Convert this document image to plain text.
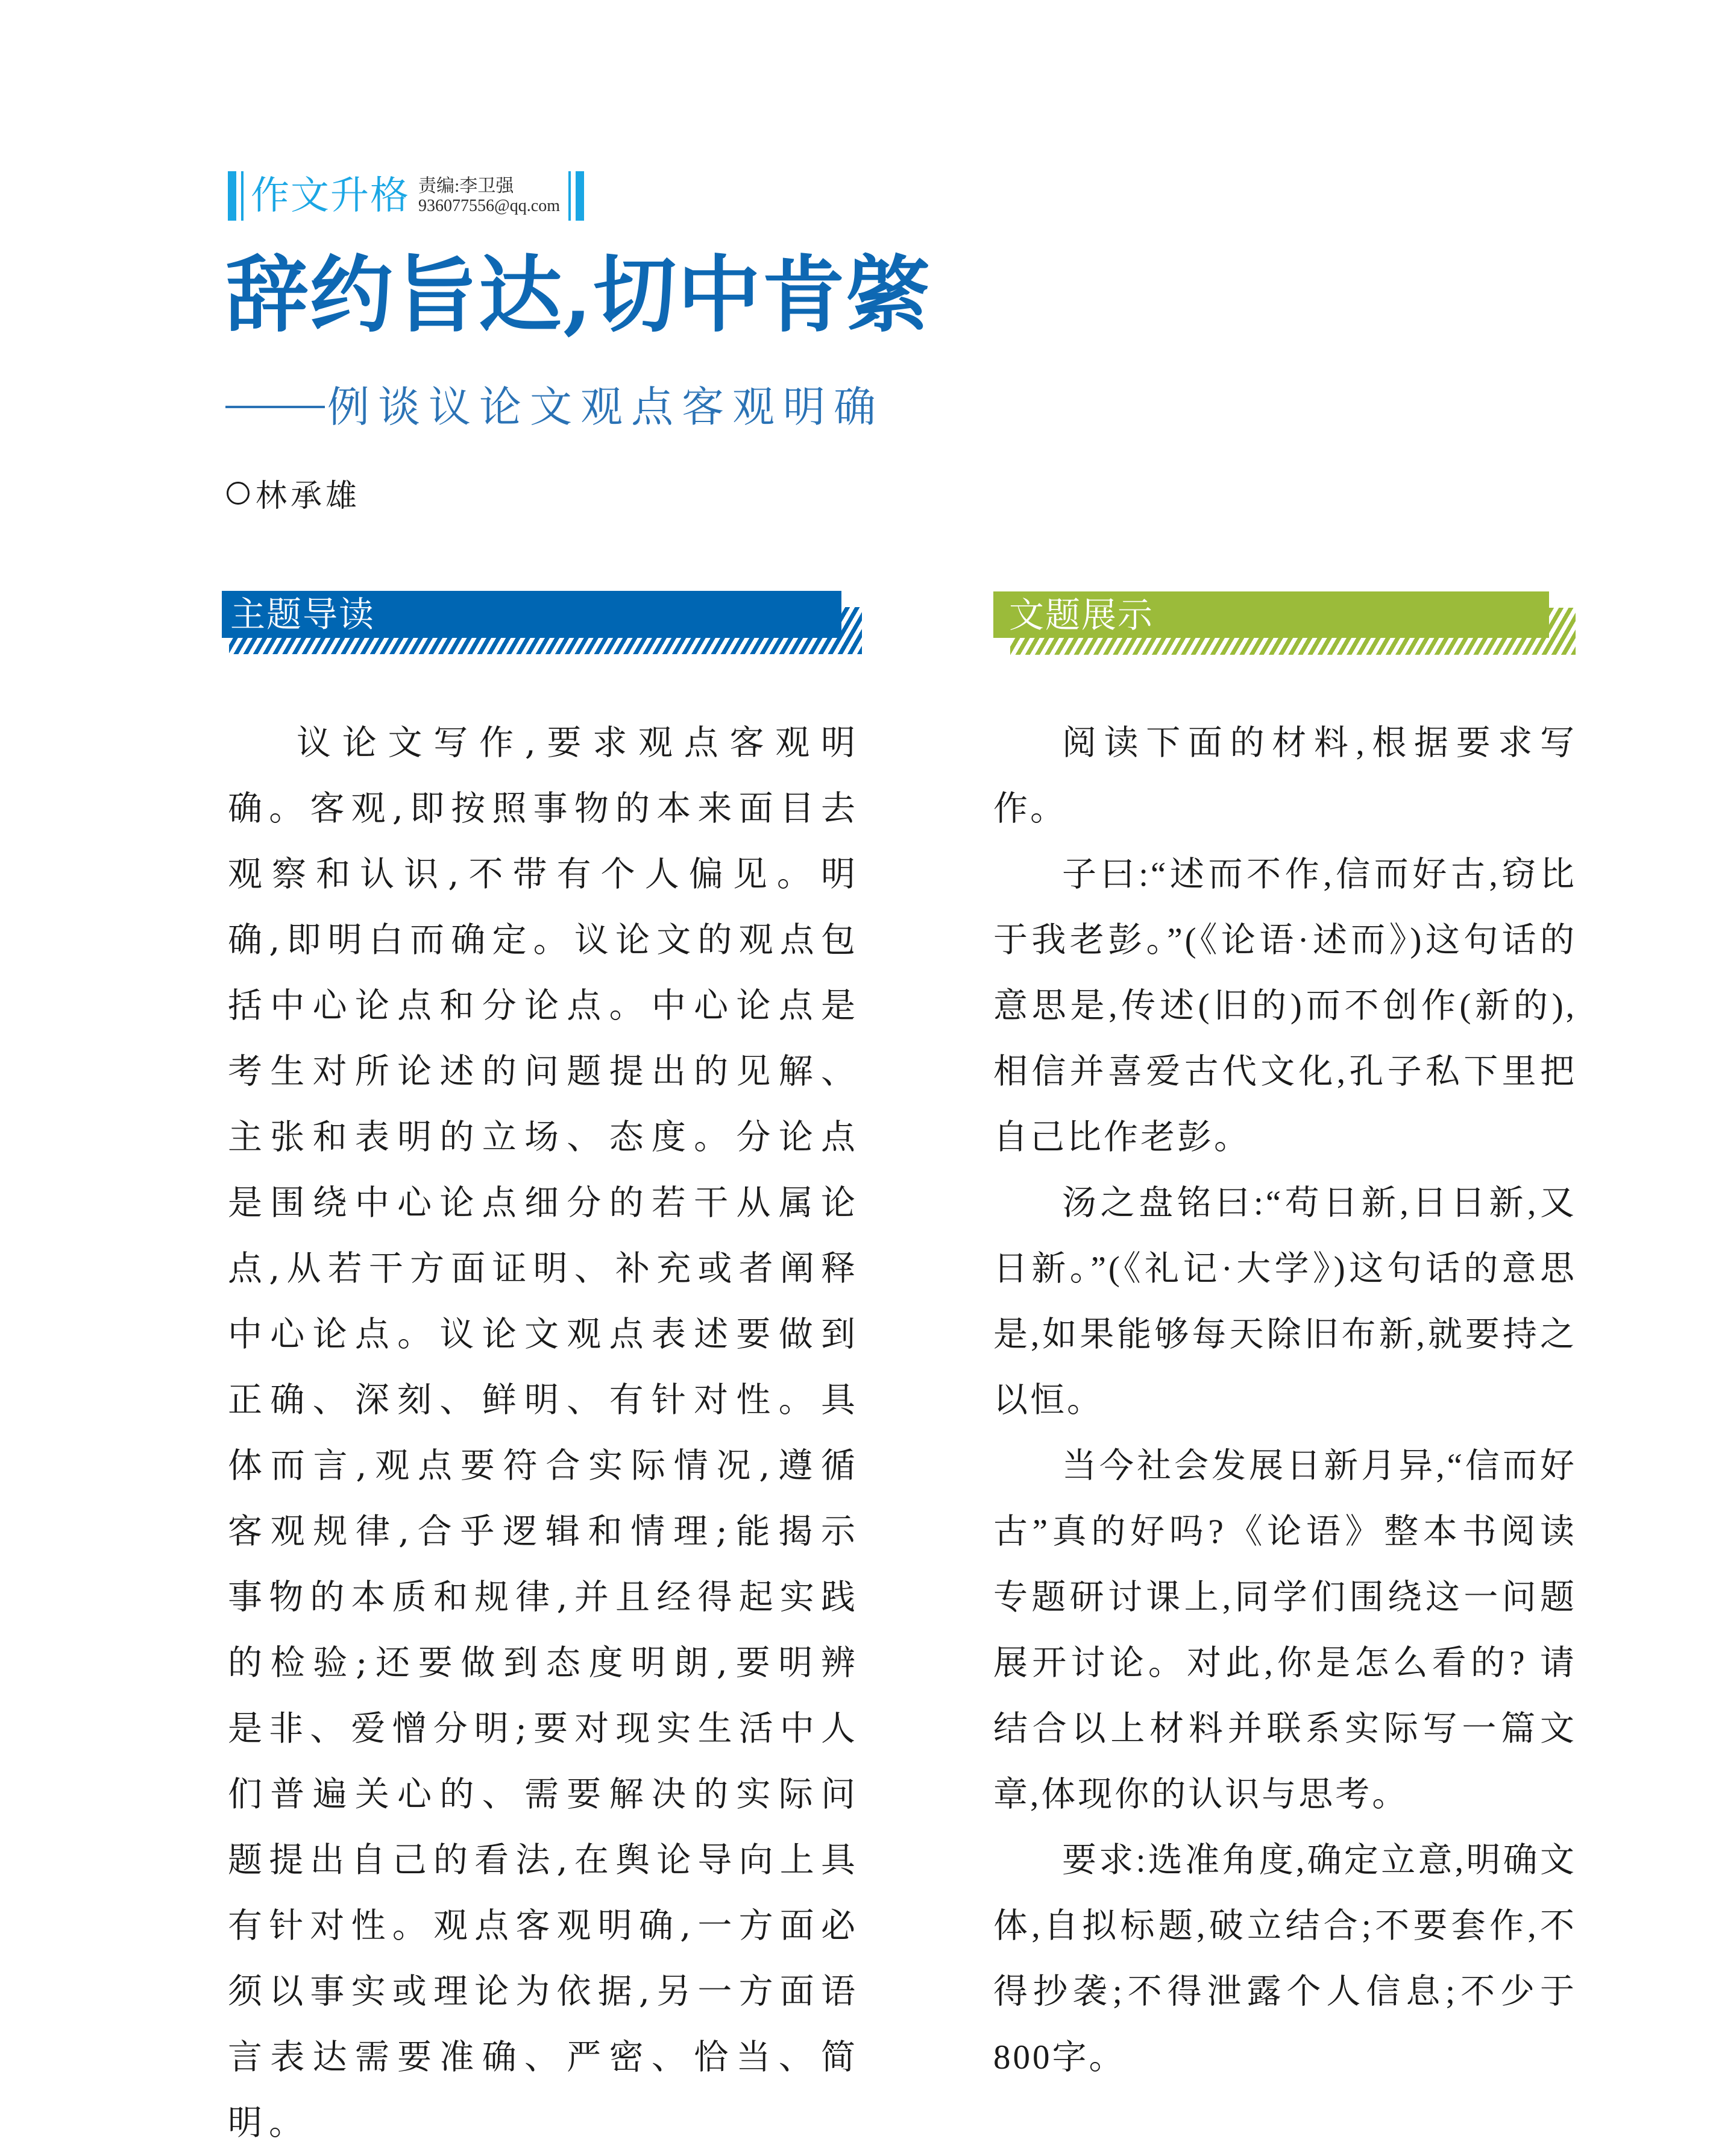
作文升格 责编:李卫强
936077556@qq.com
辞约旨达,切中肯綮
例谈议论文观点客观明确
林承雄
主题导读	文题展示

议论文写作,要求观点客观明确。客观,即按照事物的本来面目去观察和认识,不带有个人偏见。明确,即明白而确定。议论文的观点包括中心论点和分论点。中心论点是考生对所论述的问题提出的见解、主张和表明的立场、态度。分论点是围绕中心论点细分的若干从属论点,从若干方面证明、补充或者阐释中心论点。议论文观点表述要做到正确、深刻、鲜明、有针对性。具体而言,观点要符合实际情况,遵循客观规律,合乎逻辑和情理;能揭示事物的本质和规律,并且经得起实践的检验;还要做到态度明朗,要明辨是非、爱憎分明;要对现实生活中人们普遍关心的、需要解决的实际问题提出自己的看法,在舆论导向上具有针对性。观点客观明确,一方面必须以事实或理论为依据,另一方面语言表达需要准确、严密、恰当、简明。

阅读下面的材料,根据要求写作。

子曰:“述而不作,信而好古,窃比于我老彭。”(《论语·述而》)这句话的意思是,传述(旧的)而不创作(新的),相信并喜爱古代文化,孔子私下里把自己比作老彭。

汤之盘铭曰:“苟日新,日日新,又日新。”(《礼记·大学》)这句话的意思是,如果能够每天除旧布新,就要持之以恒。

当今社会发展日新月异,“信而好古”真的好吗?《论语》整本书阅读专题研讨课上,同学们围绕这一问题展开讨论。对此,你是怎么看的? 请结合以上材料并联系实际写一篇文章,体现你的认识与思考。

要求:选准角度,确定立意,明确文体,自拟标题,破立结合;不要套作,不得抄袭;不得泄露个人信息;不少于800字。
